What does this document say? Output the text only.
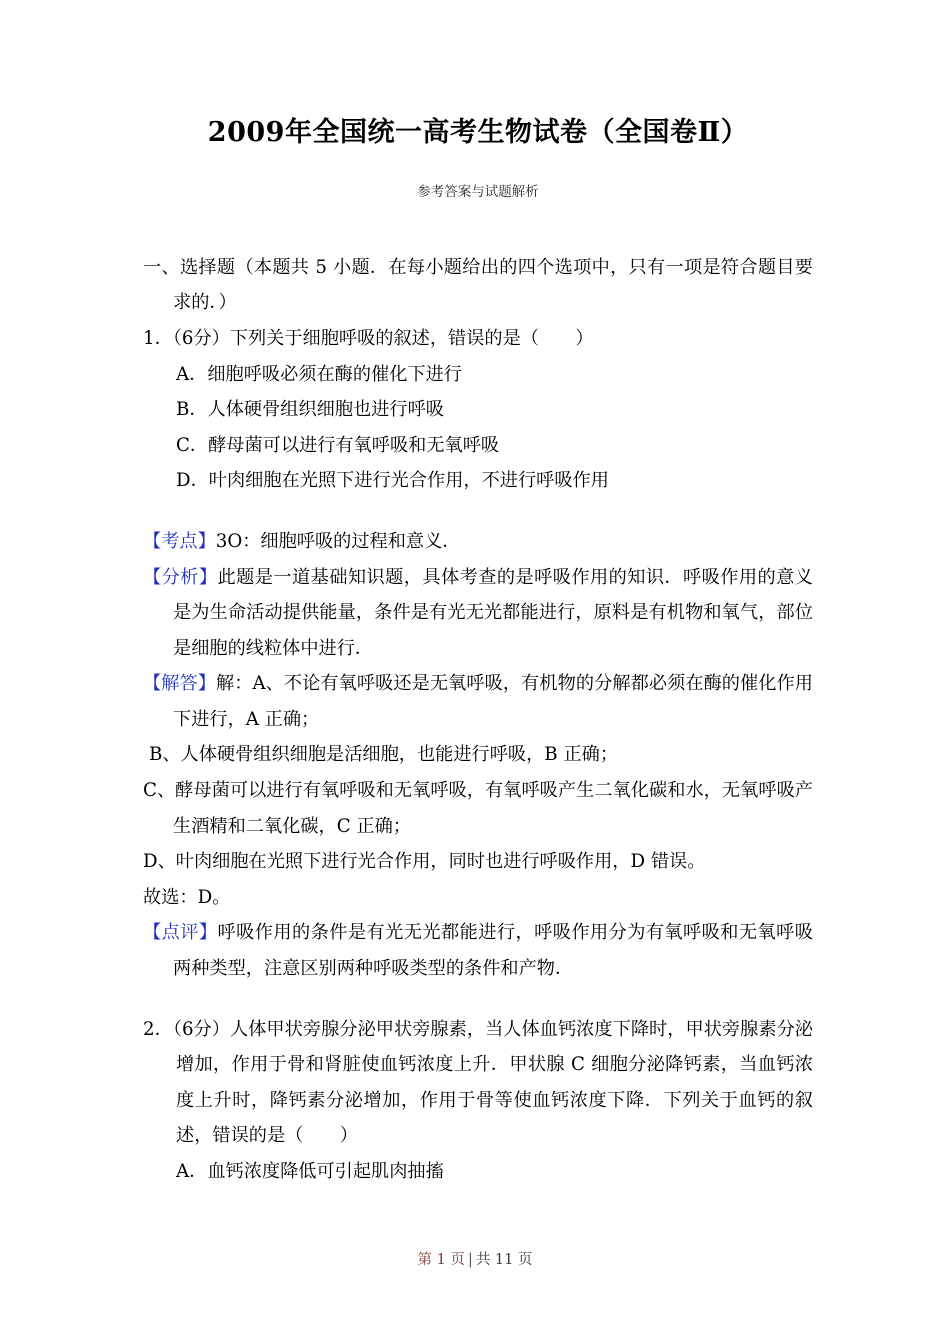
2009年全国统一高考生物试卷（全国卷Ⅱ）
参考答案与试题解析
一、选择题（本题共 5 小题．在每小题给出的四个选项中，只有一项是符合题目要求的．）
1．（6分）下列关于细胞呼吸的叙述，错误的是（　　）
A．细胞呼吸必须在酶的催化下进行
B．人体硬骨组织细胞也进行呼吸
C．酵母菌可以进行有氧呼吸和无氧呼吸
D．叶肉细胞在光照下进行光合作用，不进行呼吸作用
【考点】3O：细胞呼吸的过程和意义．
【分析】此题是一道基础知识题，具体考查的是呼吸作用的知识．呼吸作用的意义是为生命活动提供能量，条件是有光无光都能进行，原料是有机物和氧气，部位是细胞的线粒体中进行．
【解答】解：A、不论有氧呼吸还是无氧呼吸，有机物的分解都必须在酶的催化作用下进行，A 正确；
B、人体硬骨组织细胞是活细胞，也能进行呼吸，B 正确；
C、酵母菌可以进行有氧呼吸和无氧呼吸，有氧呼吸产生二氧化碳和水，无氧呼吸产生酒精和二氧化碳，C 正确；
D、叶肉细胞在光照下进行光合作用，同时也进行呼吸作用，D 错误。
故选：D。
【点评】呼吸作用的条件是有光无光都能进行，呼吸作用分为有氧呼吸和无氧呼吸两种类型，注意区别两种呼吸类型的条件和产物．
2．（6分）人体甲状旁腺分泌甲状旁腺素，当人体血钙浓度下降时，甲状旁腺素分泌增加，作用于骨和肾脏使血钙浓度上升．甲状腺 C 细胞分泌降钙素，当血钙浓度上升时，降钙素分泌增加，作用于骨等使血钙浓度下降．下列关于血钙的叙述，错误的是（　　）
A．血钙浓度降低可引起肌肉抽搐
第 1 页 | 共 11 页
